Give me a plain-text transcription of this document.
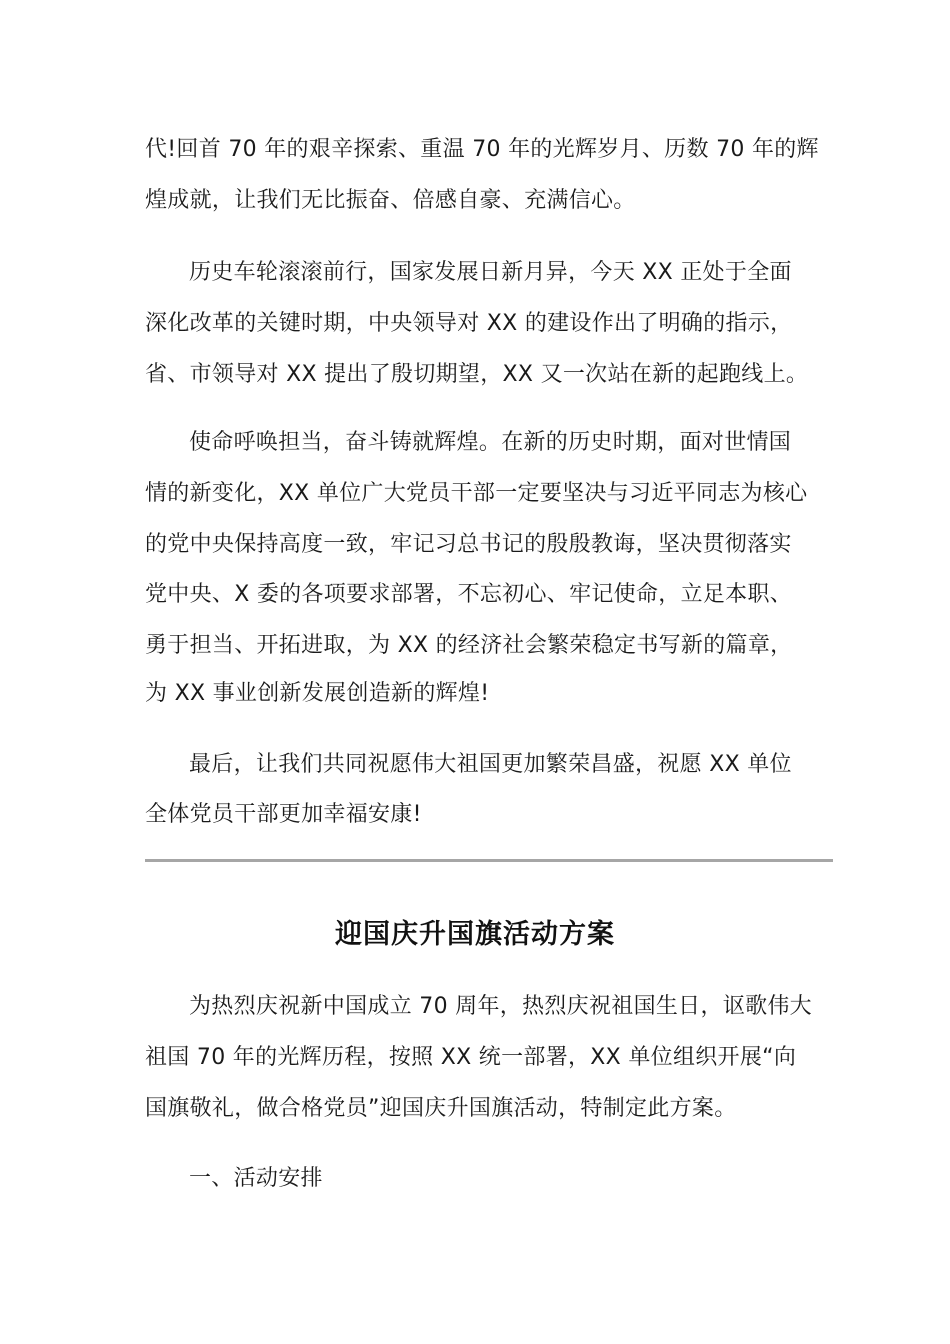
代!回首 70 年的艰辛探索、重温 70 年的光辉岁月、历数 70 年的辉
煌成就，让我们无比振奋、倍感自豪、充满信心。
历史车轮滚滚前行，国家发展日新月异，今天 XX 正处于全面
深化改革的关键时期，中央领导对 XX 的建设作出了明确的指示，
省、市领导对 XX 提出了殷切期望，XX 又一次站在新的起跑线上。
使命呼唤担当，奋斗铸就辉煌。在新的历史时期，面对世情国
情的新变化，XX 单位广大党员干部一定要坚决与习近平同志为核心
的党中央保持高度一致，牢记习总书记的殷殷教诲，坚决贯彻落实
党中央、X 委的各项要求部署，不忘初心、牢记使命，立足本职、
勇于担当、开拓进取，为 XX 的经济社会繁荣稳定书写新的篇章，
为 XX 事业创新发展创造新的辉煌!
最后，让我们共同祝愿伟大祖国更加繁荣昌盛，祝愿 XX 单位
全体党员干部更加幸福安康!
迎国庆升国旗活动方案
为热烈庆祝新中国成立 70 周年，热烈庆祝祖国生日，讴歌伟大
祖国 70 年的光辉历程，按照 XX 统一部署，XX 单位组织开展“向
国旗敬礼，做合格党员”迎国庆升国旗活动，特制定此方案。
一、活动安排
